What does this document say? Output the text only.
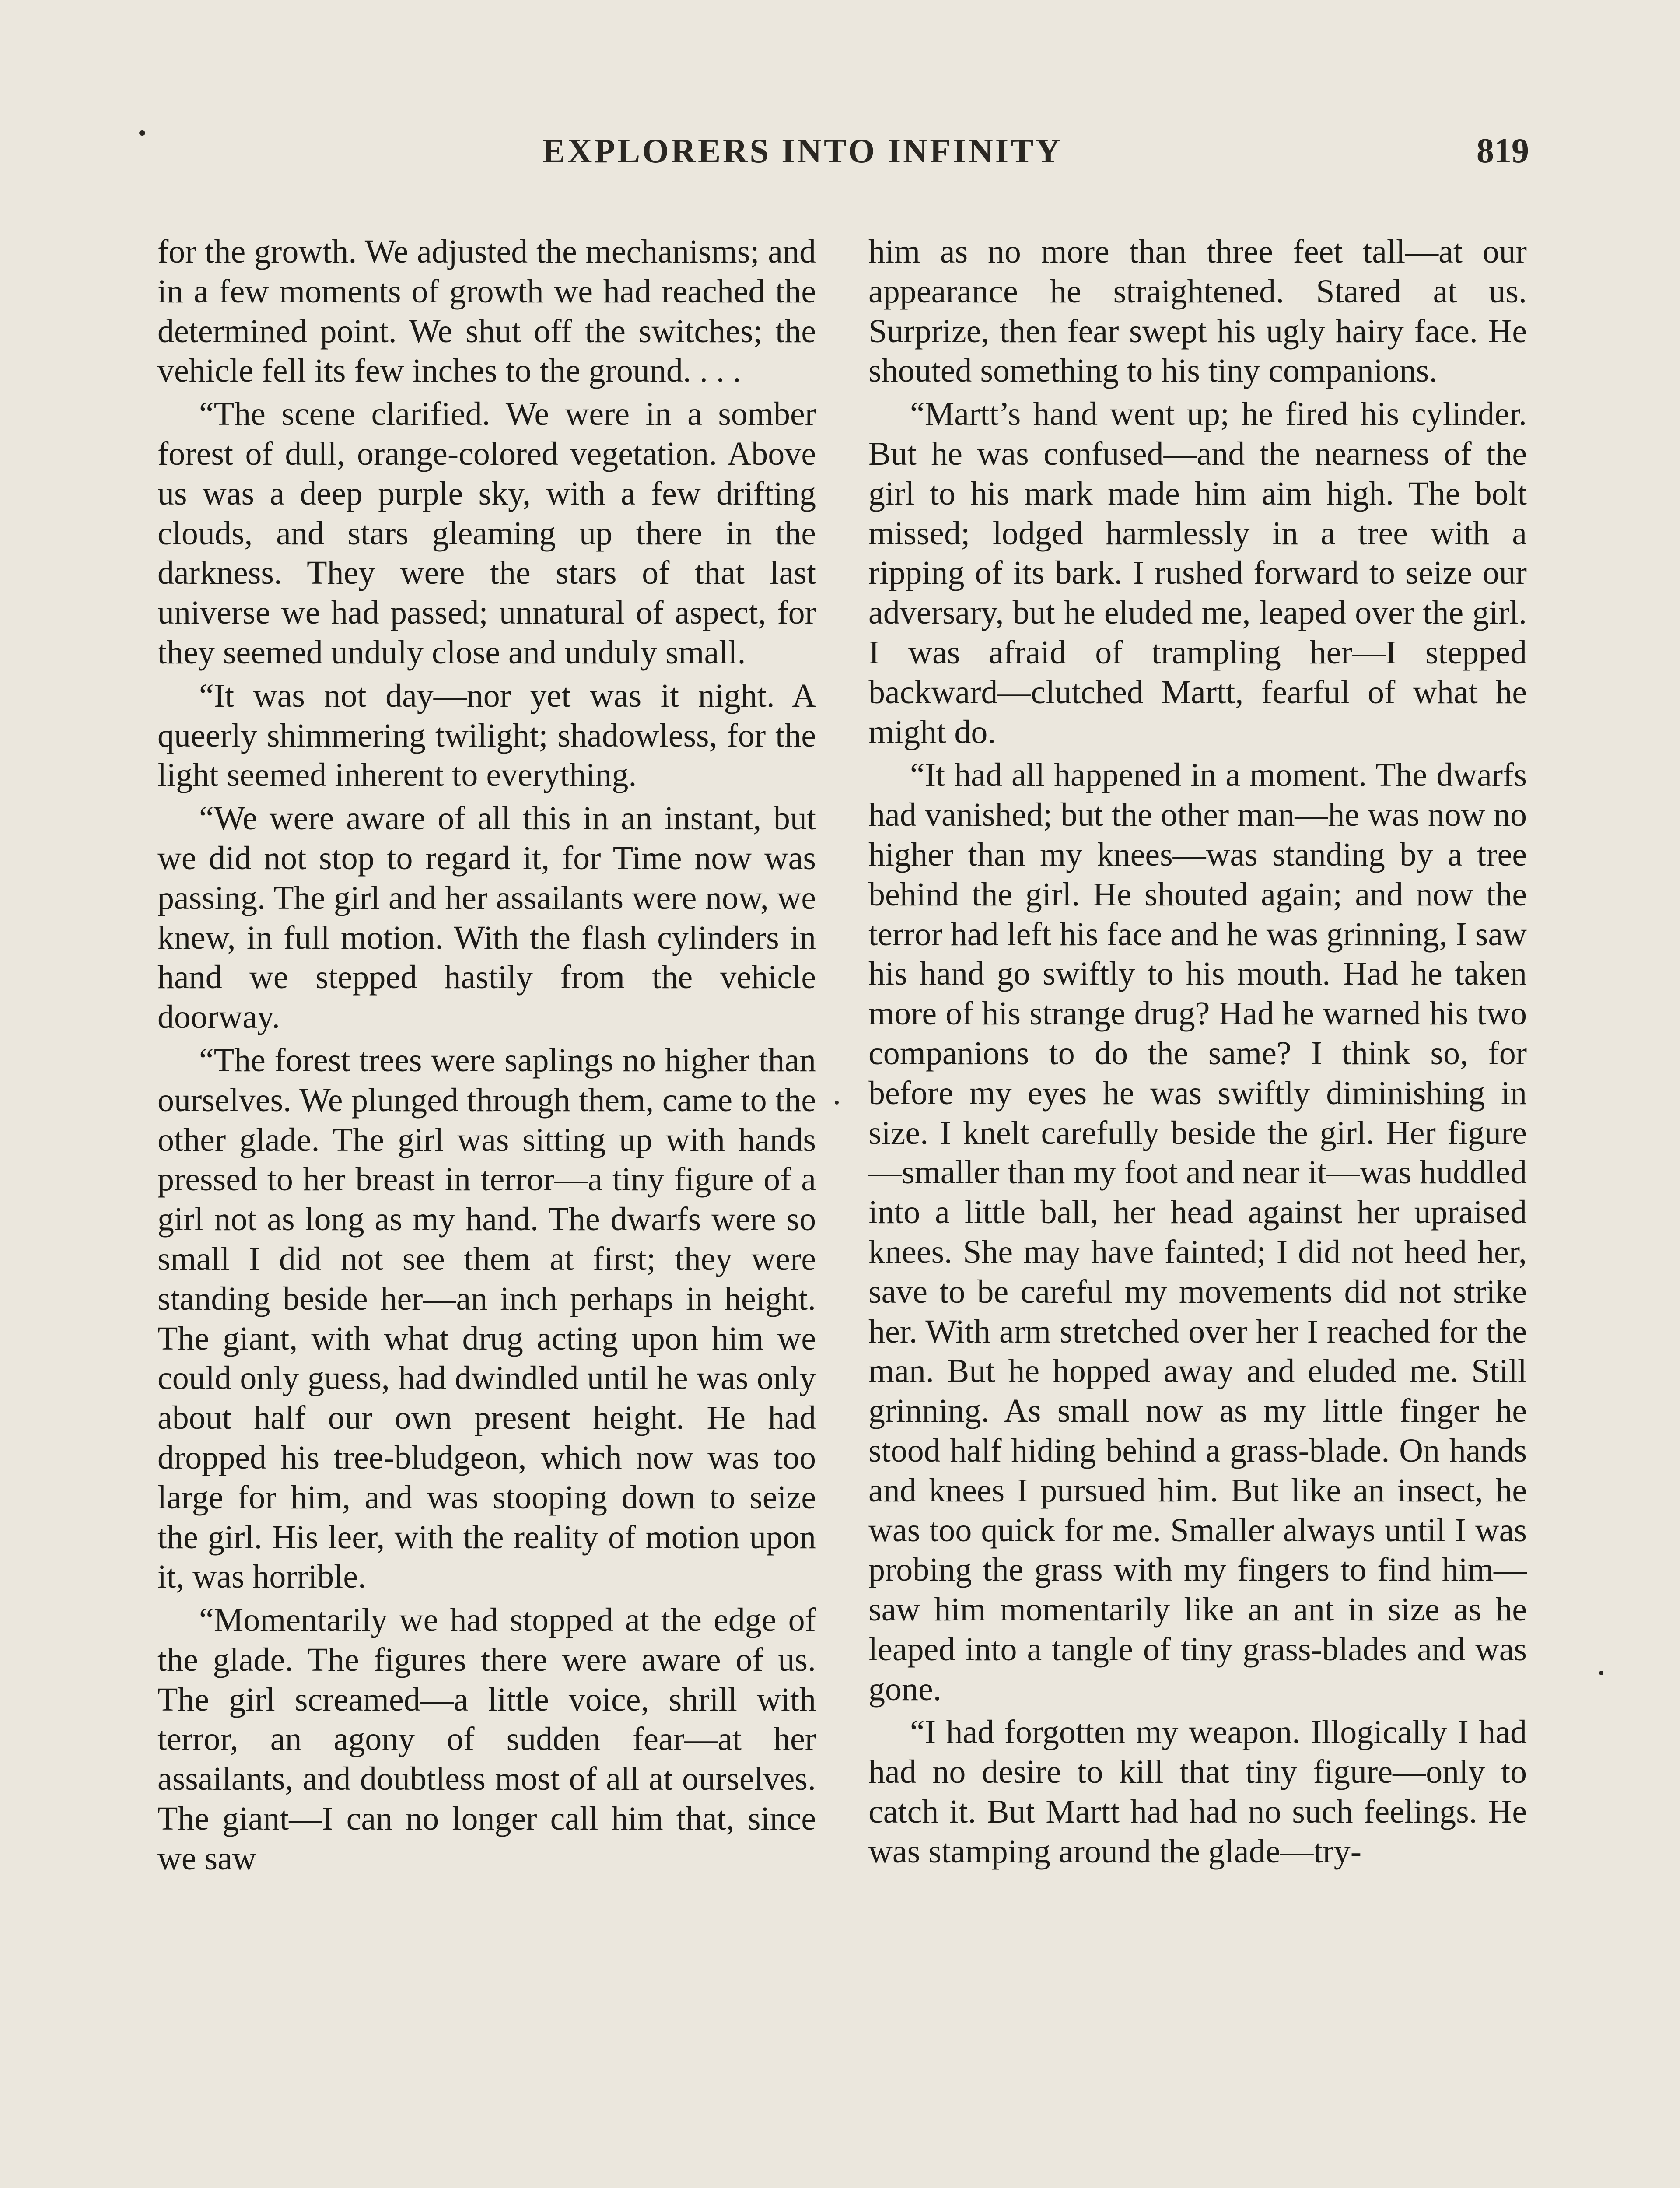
EXPLORERS INTO INFINITY	819

for the growth. We adjusted the mechanisms; and in a few moments of growth we had reached the determined point. We shut off the switches; the vehicle fell its few inches to the ground. . . .

“The scene clarified. We were in a somber forest of dull, orange-colored vegetation. Above us was a deep purple sky, with a few drifting clouds, and stars gleaming up there in the darkness. They were the stars of that last universe we had passed; unnatural of aspect, for they seemed unduly close and unduly small.

“It was not day—nor yet was it night. A queerly shimmering twilight; shadowless, for the light seemed inherent to everything.

“We were aware of all this in an instant, but we did not stop to regard it, for Time now was passing. The girl and her assailants were now, we knew, in full motion. With the flash cylinders in hand we stepped hastily from the vehicle doorway.

“The forest trees were saplings no higher than ourselves. We plunged through them, came to the other glade. The girl was sitting up with hands pressed to her breast in terror—a tiny figure of a girl not as long as my hand. The dwarfs were so small I did not see them at first; they were standing beside her—an inch perhaps in height. The giant, with what drug acting upon him we could only guess, had dwindled until he was only about half our own present height. He had dropped his tree-bludgeon, which now was too large for him, and was stooping down to seize the girl. His leer, with the reality of motion upon it, was horrible.

“Momentarily we had stopped at the edge of the glade. The figures there were aware of us. The girl screamed—a little voice, shrill with terror, an agony of sudden fear—at her assailants, and doubtless most of all at ourselves. The giant—I can no longer call him that, since we saw

him as no more than three feet tall—at our appearance he straightened. Stared at us. Surprize, then fear swept his ugly hairy face. He shouted something to his tiny companions.

“Martt’s hand went up; he fired his cylinder. But he was confused—and the nearness of the girl to his mark made him aim high. The bolt missed; lodged harmlessly in a tree with a ripping of its bark. I rushed forward to seize our adversary, but he eluded me, leaped over the girl. I was afraid of trampling her—I stepped backward—clutched Martt, fearful of what he might do.

“It had all happened in a moment. The dwarfs had vanished; but the other man—he was now no higher than my knees—was standing by a tree behind the girl. He shouted again; and now the terror had left his face and he was grinning, I saw his hand go swiftly to his mouth. Had he taken more of his strange drug? Had he warned his two companions to do the same? I think so, for before my eyes he was swiftly diminishing in size. I knelt carefully beside the girl. Her figure—smaller than my foot and near it—was huddled into a little ball, her head against her upraised knees. She may have fainted; I did not heed her, save to be careful my movements did not strike her. With arm stretched over her I reached for the man. But he hopped away and eluded me. Still grinning. As small now as my little finger he stood half hiding behind a grass-blade. On hands and knees I pursued him. But like an insect, he was too quick for me. Smaller always until I was probing the grass with my fingers to find him—saw him momentarily like an ant in size as he leaped into a tangle of tiny grass-blades and was gone.

“I had forgotten my weapon. Illogically I had had no desire to kill that tiny figure—only to catch it. But Martt had had no such feelings. He was stamping around the glade—try-
